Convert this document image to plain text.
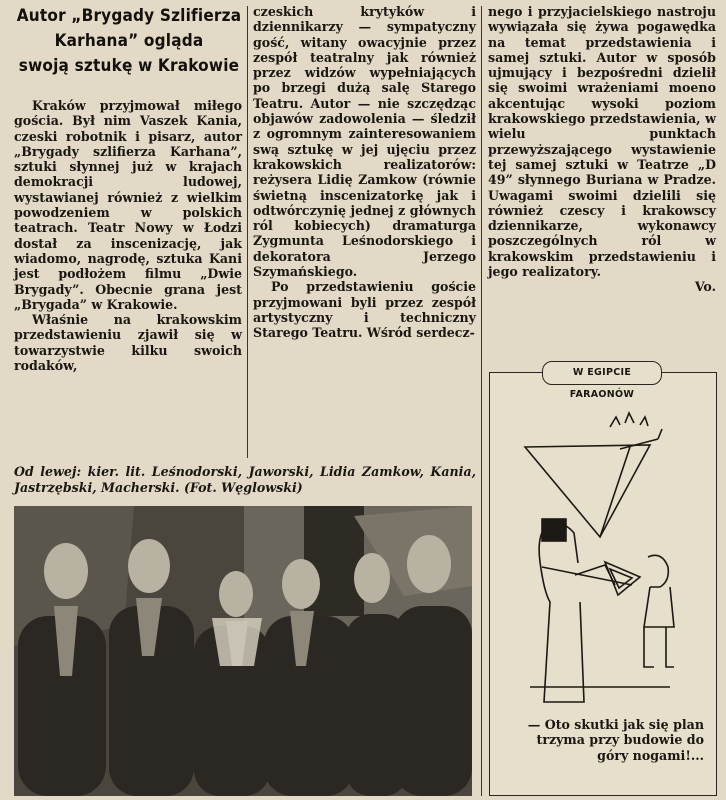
Autor „Brygady Szlifierza
Karhana” ogląda
swoją sztukę w Krakowie

Kraków przyjmował miłego gościa. Był nim Vaszek Kania, czeski robotnik i pisarz, autor „Brygady szlifierza Karhana”, sztuki słynnej już w krajach demokracji ludowej, wystawianej również z wielkim powodzeniem w polskich teatrach. Teatr Nowy w Łodzi dostał za inscenizację, jak wiadomo, nagrodę, sztuka Kani jest podłożem filmu „Dwie Brygady”. Obecnie grana jest „Brygada” w Krakowie.

Właśnie na krakowskim przedstawieniu zjawił się w towarzystwie kilku swoich rodaków,

czeskich krytyków i dziennikarzy — sympatyczny gość, witany owacyjnie przez zespół teatralny jak również przez widzów wypełniających po brzegi dużą salę Starego Teatru. Autor — nie szczędząc objawów zadowolenia — śledził z ogromnym zainteresowaniem swą sztukę w jej ujęciu przez krakowskich realizatorów: reżysera Lidię Zamkow (równie świetną inscenizatorkę jak i odtwórczynię jednej z głównych ról kobiecych) dramaturga Zygmunta Leśnodorskiego i dekoratora Jerzego Szymańskiego.

Po przedstawieniu goście przyjmowani byli przez zespół artystyczny i techniczny Starego Teatru. Wśród serdecz-

nego i przyjacielskiego nastroju wywiązała się żywa pogawędka na temat przedstawienia i samej sztuki. Autor w sposób ujmujący i bezpośredni dzielił się swoimi wrażeniami moeno akcentując wysoki poziom krakowskiego przedstawienia, w wielu punktach przewyższającego wystawienie tej samej sztuki w Teatrze „D 49” słynnego Buriana w Pradze. Uwagami swoimi dzielili się również czescy i krakowscy dziennikarze, wykonawcy poszczególnych ról w krakowskim przedstawieniu i jego realizatory.

Vo.
Od lewej: kier. lit. Leśnodorski, Jaworski, Lidia Zamkow, Kania, Jastrzębski, Macherski. (Fot. Węglowski)
W EGIPCIE FARAONÓW
— Oto skutki jak się plan trzyma przy budowie do góry nogami!...
